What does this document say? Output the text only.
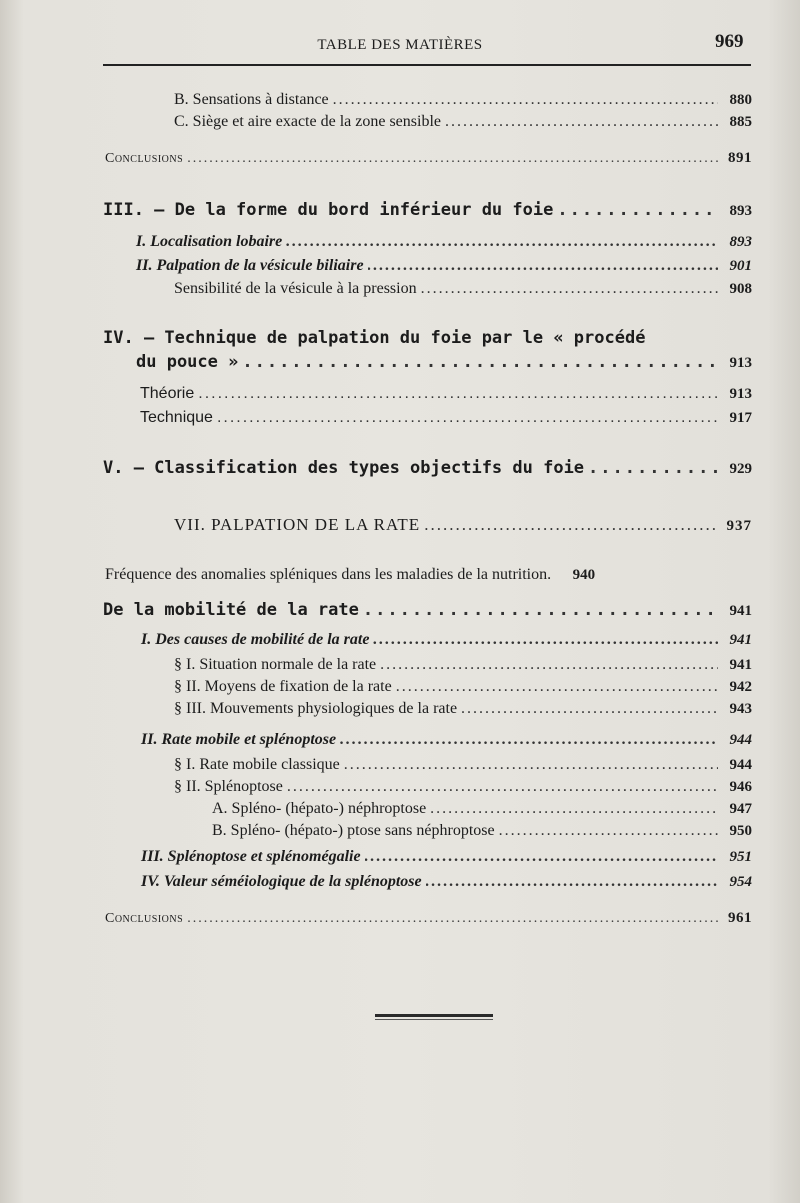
TABLE DES MATIÈRES	969
B. Sensations à distance .....	880
C. Siège et aire exacte de la zone sensible .....	885
Conclusions .....	891
III. — De la forme du bord inférieur du foie .....	893
I. Localisation lobaire .....	893
II. Palpation de la vésicule biliaire .....	901
Sensibilité de la vésicule à la pression .....	908
IV. — Technique de palpation du foie par le « procédé
du pouce » .....	913
Théorie .....	913
Technique .....	917
V. — Classification des types objectifs du foie .....	929
VII. PALPATION DE LA RATE .....	937
Fréquence des anomalies spléniques dans les maladies de la nutrition.	940
De la mobilité de la rate .....	941
I. Des causes de mobilité de la rate .....	941
§ I. Situation normale de la rate .....	941
§ II. Moyens de fixation de la rate .....	942
§ III. Mouvements physiologiques de la rate .....	943
II. Rate mobile et splénoptose .....	944
§ I. Rate mobile classique .....	944
§ II. Splénoptose .....	946
A. Spléno- (hépato-) néphroptose .....	947
B. Spléno- (hépato-) ptose sans néphroptose .....	950
III. Splénoptose et splénomégalie .....	951
IV. Valeur séméiologique de la splénoptose .....	954
Conclusions .....	961
